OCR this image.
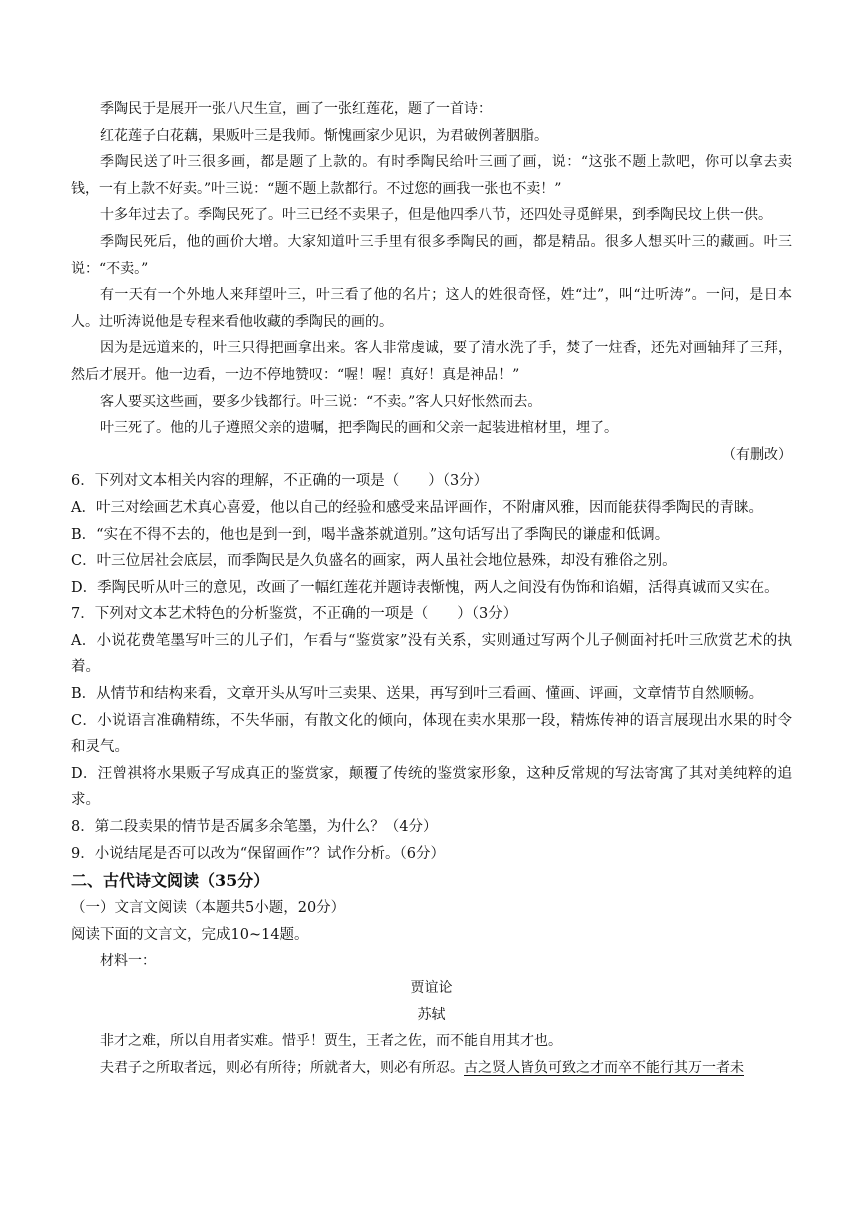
季陶民于是展开一张八尺生宣，画了一张红莲花，题了一首诗：

红花莲子白花藕，果贩叶三是我师。惭愧画家少见识，为君破例著胭脂。

季陶民送了叶三很多画，都是题了上款的。有时季陶民给叶三画了画，说：“这张不题上款吧，你可以拿去卖钱，一有上款不好卖。”叶三说：“题不题上款都行。不过您的画我一张也不卖！”

十多年过去了。季陶民死了。叶三已经不卖果子，但是他四季八节，还四处寻觅鲜果，到季陶民坟上供一供。

季陶民死后，他的画价大增。大家知道叶三手里有很多季陶民的画，都是精品。很多人想买叶三的藏画。叶三说：“不卖。”

有一天有一个外地人来拜望叶三，叶三看了他的名片；这人的姓很奇怪，姓“辻”，叫“辻听涛”。一问，是日本人。辻听涛说他是专程来看他收藏的季陶民的画的。

因为是远道来的，叶三只得把画拿出来。客人非常虔诚，要了清水洗了手，焚了一炷香，还先对画轴拜了三拜，然后才展开。他一边看，一边不停地赞叹：“喔！喔！真好！真是神品！”

客人要买这些画，要多少钱都行。叶三说：“不卖。”客人只好怅然而去。

叶三死了。他的儿子遵照父亲的遗嘱，把季陶民的画和父亲一起装进棺材里，埋了。

（有删改）

6．下列对文本相关内容的理解，不正确的一项是（　　）（3分）

A．叶三对绘画艺术真心喜爱，他以自己的经验和感受来品评画作，不附庸风雅，因而能获得季陶民的青睐。

B．“实在不得不去的，他也是到一到，喝半盏茶就道别。”这句话写出了季陶民的谦虚和低调。

C．叶三位居社会底层，而季陶民是久负盛名的画家，两人虽社会地位悬殊，却没有雅俗之别。

D．季陶民听从叶三的意见，改画了一幅红莲花并题诗表惭愧，两人之间没有伪饰和谄媚，活得真诚而又实在。

7．下列对文本艺术特色的分析鉴赏，不正确的一项是（　　）（3分）

A．小说花费笔墨写叶三的儿子们，乍看与“鉴赏家”没有关系，实则通过写两个儿子侧面衬托叶三欣赏艺术的执着。

B．从情节和结构来看，文章开头从写叶三卖果、送果，再写到叶三看画、懂画、评画，文章情节自然顺畅。

C．小说语言准确精练，不失华丽，有散文化的倾向，体现在卖水果那一段，精炼传神的语言展现出水果的时令和灵气。

D．汪曾祺将水果贩子写成真正的鉴赏家，颠覆了传统的鉴赏家形象，这种反常规的写法寄寓了其对美纯粹的追求。

8．第二段卖果的情节是否属多余笔墨，为什么？（4分）

9．小说结尾是否可以改为“保留画作”？试作分析。（6分）

二、古代诗文阅读（35分）

（一）文言文阅读（本题共5小题，20分）

阅读下面的文言文，完成10~14题。

材料一：

贾谊论

苏轼

非才之难，所以自用者实难。惜乎！贾生，王者之佐，而不能自用其才也。

夫君子之所取者远，则必有所待；所就者大，则必有所忍。古之贤人皆负可致之才而卒不能行其万一者未
